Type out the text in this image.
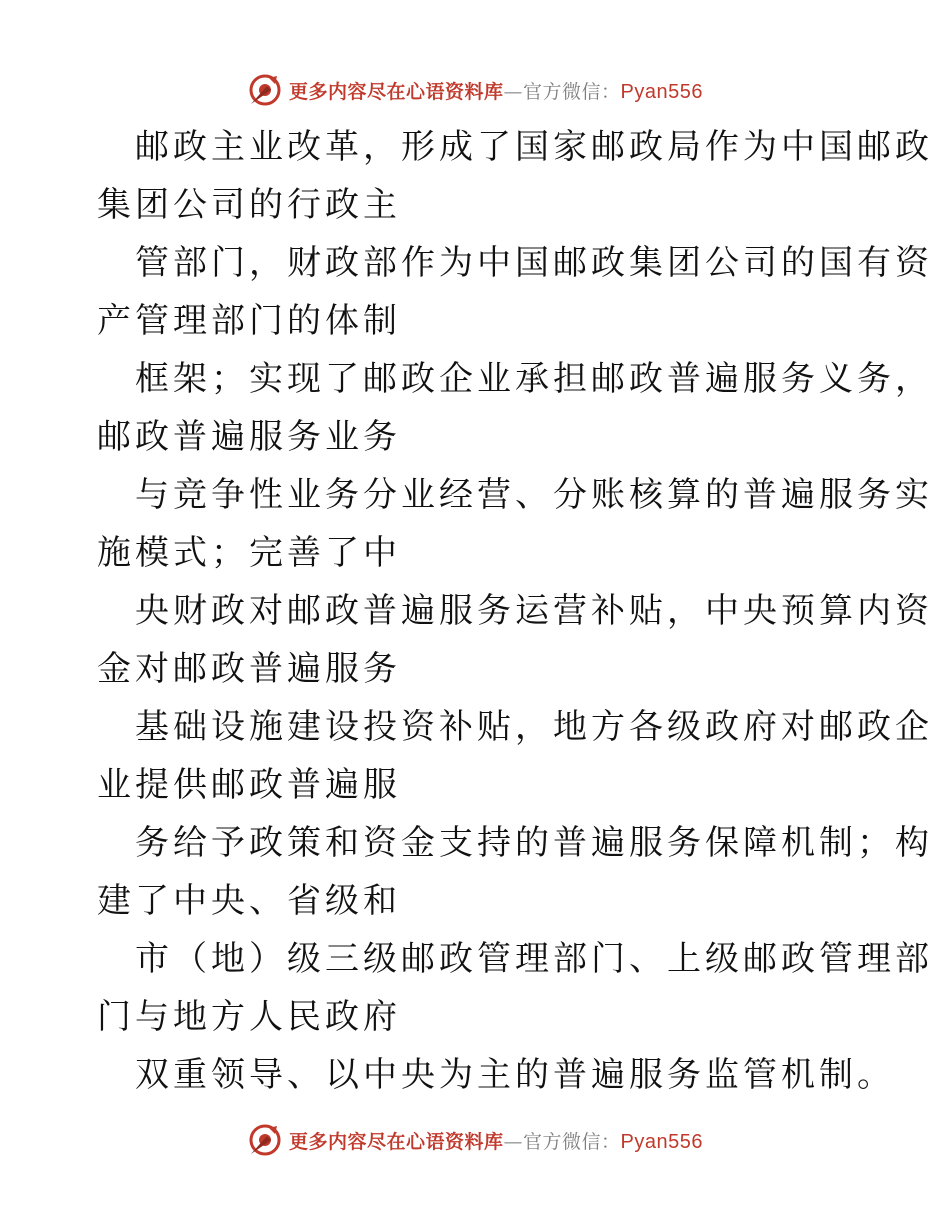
更多内容尽在心语资料库 — 官方微信： Pyan556

邮政主业改革，形成了国家邮政局作为中国邮政
集团公司的行政主

管部门，财政部作为中国邮政集团公司的国有资
产管理部门的体制

框架；实现了邮政企业承担邮政普遍服务义务，
邮政普遍服务业务

与竞争性业务分业经营、分账核算的普遍服务实
施模式；完善了中

央财政对邮政普遍服务运营补贴，中央预算内资
金对邮政普遍服务

基础设施建设投资补贴，地方各级政府对邮政企
业提供邮政普遍服

务给予政策和资金支持的普遍服务保障机制；构
建了中央、省级和

市（地）级三级邮政管理部门、上级邮政管理部
门与地方人民政府

双重领导、以中央为主的普遍服务监管机制。

更多内容尽在心语资料库 — 官方微信： Pyan556
